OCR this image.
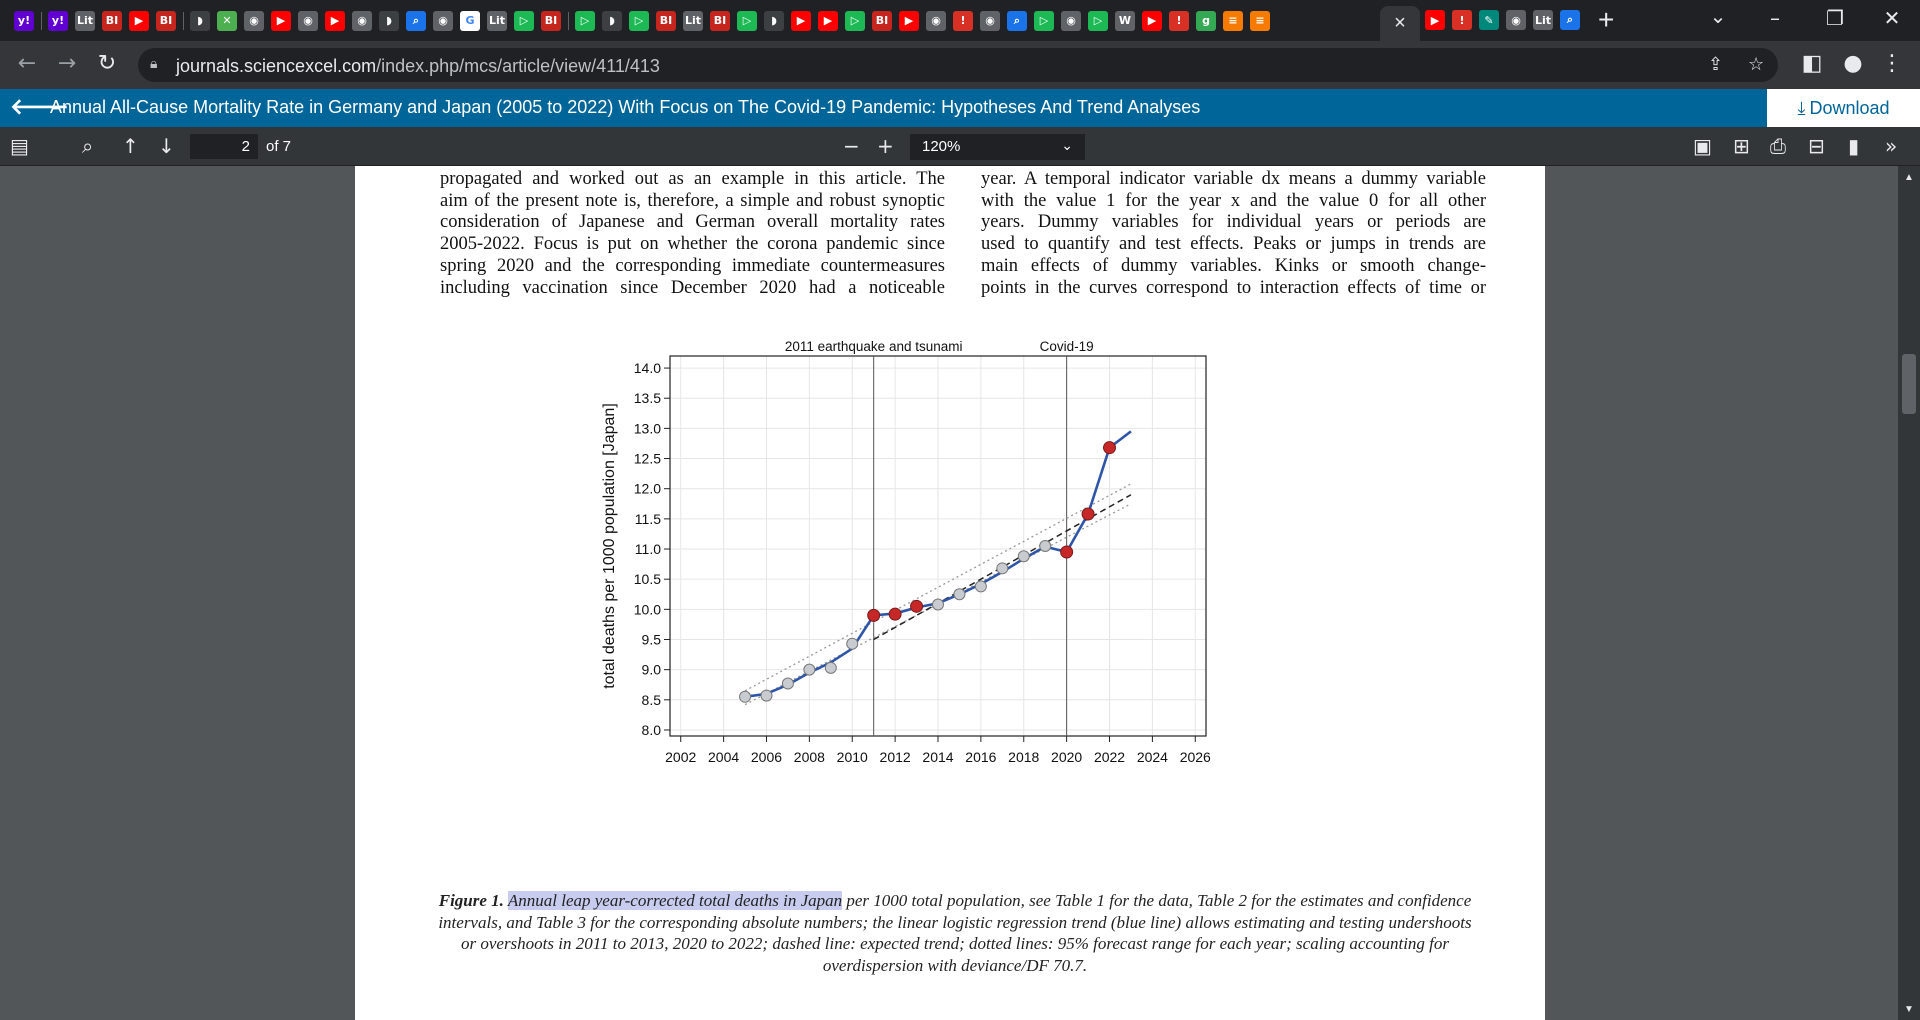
y!	y!	Lit	BI	▶	BI	◗	✕	◉	▶	◉	▶	◉	◗	⌕	◉	G	Lit	▷	BI	▷	◗	▷	BI	Lit	BI	▷	◗	▶	▶	▷	BI	▶	◉	!	◉	⌕	▷	◉	▷	W	▶	!	g	≡	≡	×	▶	!	✎	◉	Lit	⌕ +	⌄	–	❐	✕
← → ↻	🔒︎ journals.sciencexcel.com/index.php/mcs/article/view/411/413	⇪ ☆ ◧ ● ⋮
🡐
Annual All-Cause Mortality Rate in Germany and Japan (2005 to 2022) With Focus on The Covid-19 Pandemic: Hypotheses And Trend Analyses	⤓ Download
▤	⌕ ↑ ↓
2	of 7	− +	120%	⌄	▣ ⊞ ⎙ ⊟ ▮ »

propagated and worked out as an example in this article. The

aim of the present note is, therefore, a simple and robust synoptic

consideration of Japanese and German overall mortality rates

2005-2022. Focus is put on whether the corona pandemic since

spring 2020 and the corresponding immediate countermeasures

including vaccination since December 2020 had a noticeable

year. A temporal indicator variable dx means a dummy variable

with the value 1 for the year x and the value 0 for all other

years. Dummy variables for individual years or periods are

used to quantify and test effects. Peaks or jumps in trends are

main effects of dummy variables. Kinks or smooth change-

points in the curves correspond to interaction effects of time or

8.0
8.5
9.0
9.5
10.0
10.5
11.0
11.5
12.0
12.5
13.0
13.5
14.0
2002 2004 2006 2008 2010 2012 2014 2016 2018 2020 2022 2024 2026
total deaths per 1000 population [Japan]
2011 earthquake and tsunami	Covid-19
Figure 1. Annual leap year-corrected total deaths in Japan per 1000 total population, see Table 1 for the data, Table 2 for the estimates and confidence intervals, and Table 3 for the corresponding absolute numbers; the linear logistic regression trend (blue line) allows estimating and testing undershoots or overshoots in 2011 to 2013, 2020 to 2022; dashed line: expected trend; dotted lines: 95% forecast range for each year; scaling accounting for overdispersion with deviance/DF 70.7.
▲
▼
